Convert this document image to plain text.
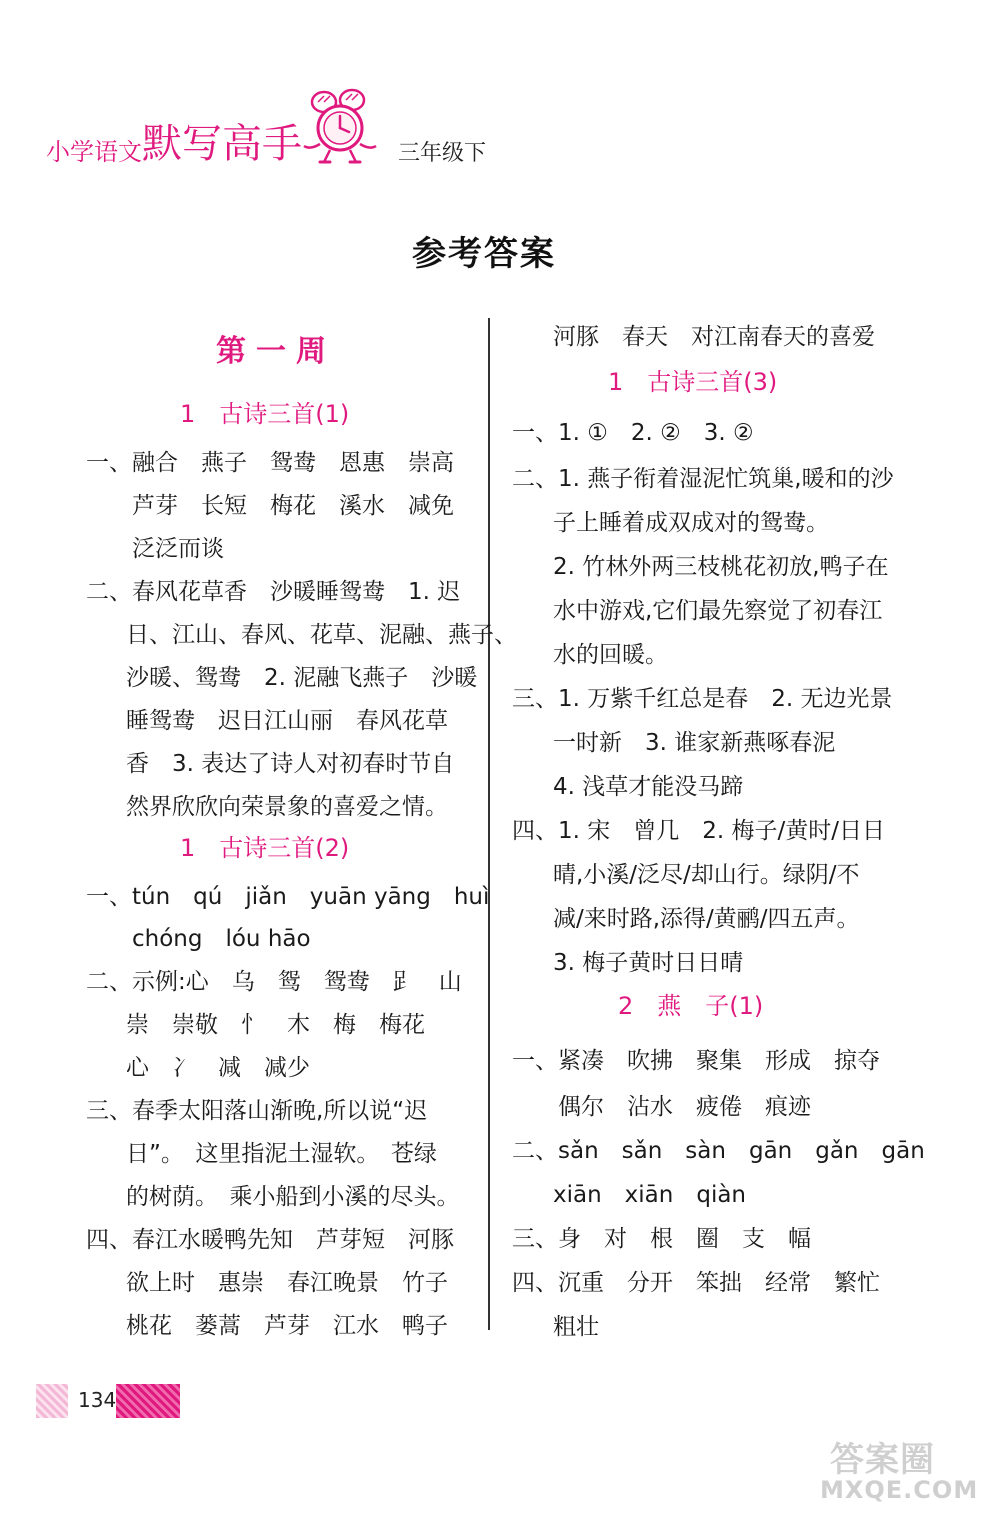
小学语文 默写高手	三年级下
参考答案
第一周
1　古诗三首(1)
一、融合　燕子　鸳鸯　恩惠　崇高
芦芽　长短　梅花　溪水　减免
泛泛而谈
二、春风花草香　沙暖睡鸳鸯　1. 迟
日、江山、春风、花草、泥融、燕子、
沙暖、鸳鸯　2. 泥融飞燕子　沙暖
睡鸳鸯　迟日江山丽　春风花草
香　3. 表达了诗人对初春时节自
然界欣欣向荣景象的喜爱之情。
1　古诗三首(2)
一、tún　qú　jiǎn　yuān yāng　huì
chóng　lóu hāo
二、示例:心　乌　鸳　鸳鸯　𧾷　山
崇　崇敬　忄　木　梅　梅花
心　冫　减　减少
三、春季太阳落山渐晚,所以说“迟
日”。　这里指泥土湿软。　苍绿
的树荫。　乘小船到小溪的尽头。
四、春江水暖鸭先知　芦芽短　河豚
欲上时　惠崇　春江晚景　竹子
桃花　蒌蒿　芦芽　江水　鸭子
河豚　春天　对江南春天的喜爱
1　古诗三首(3)
一、1. ①　2. ②　3. ②
二、1. 燕子衔着湿泥忙筑巢,暖和的沙
子上睡着成双成对的鸳鸯。
2. 竹林外两三枝桃花初放,鸭子在
水中游戏,它们最先察觉了初春江
水的回暖。
三、1. 万紫千红总是春　2. 无边光景
一时新　3. 谁家新燕啄春泥
4. 浅草才能没马蹄
四、1. 宋　曾几　2. 梅子/黄时/日日
晴,小溪/泛尽/却山行。绿阴/不
减/来时路,添得/黄鹂/四五声。
3. 梅子黄时日日晴
2　燕　子(1)
一、紧凑　吹拂　聚集　形成　掠夺
偶尔　沾水　疲倦　痕迹
二、sǎn　sǎn　sàn　gān　gǎn　gān
xiān　xiān　qiàn
三、身　对　根　圈　支　幅
四、沉重　分开　笨拙　经常　繁忙
粗壮
134
答案圈
MXQE.COM
